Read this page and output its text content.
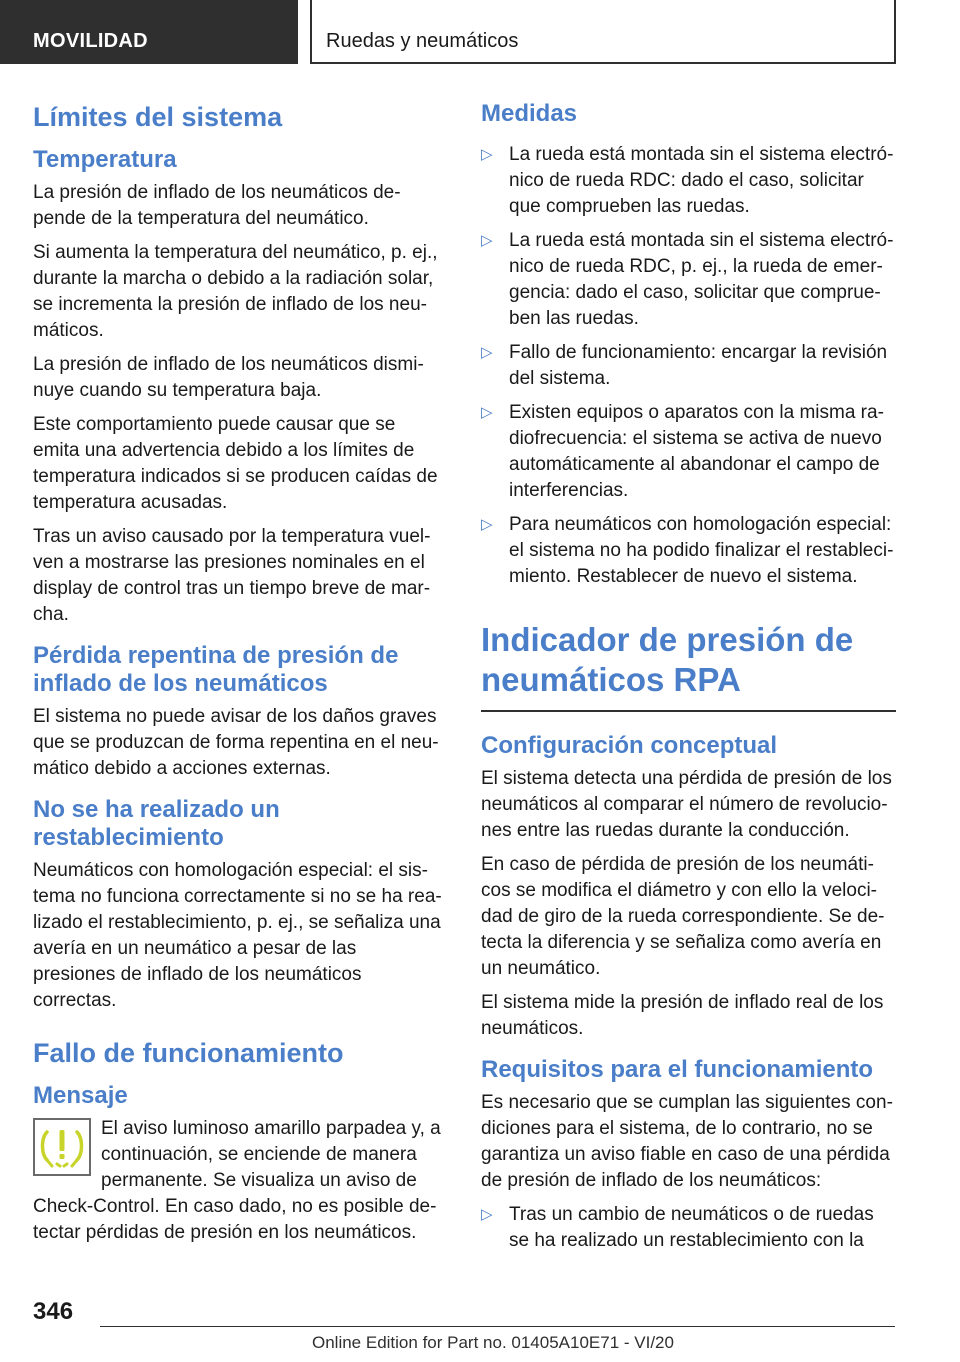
MOVILIDAD	Ruedas y neumáticos
Límites del sistema
Temperatura

La presión de inflado de los neumáticos de-pende de la temperatura del neumático.

Si aumenta la temperatura del neumático, p. ej., durante la marcha o debido a la radiación solar, se incrementa la presión de inflado de los neu-máticos.

La presión de inflado de los neumáticos dismi-nuye cuando su temperatura baja.

Este comportamiento puede causar que se emita una advertencia debido a los límites de temperatura indicados si se producen caídas de temperatura acusadas.

Tras un aviso causado por la temperatura vuel-ven a mostrarse las presiones nominales en el display de control tras un tiempo breve de mar-cha.

Pérdida repentina de presión de inflado de los neumáticos

El sistema no puede avisar de los daños graves que se produzcan de forma repentina en el neu-mático debido a acciones externas.

No se ha realizado un restablecimiento

Neumáticos con homologación especial: el sis-tema no funciona correctamente si no se ha rea-lizado el restablecimiento, p. ej., se señaliza una avería en un neumático a pesar de las presiones de inflado de los neumáticos correctas.

Fallo de funcionamiento
Mensaje

El aviso luminoso amarillo parpadea y, a continuación, se enciende de manera permanente. Se visualiza un aviso de Check-Control. En caso dado, no es posible de-tectar pérdidas de presión en los neumáticos.

Medidas
▷ La rueda está montada sin el sistema electró-nico de rueda RDC: dado el caso, solicitar que comprueben las ruedas.
▷ La rueda está montada sin el sistema electró-nico de rueda RDC, p. ej., la rueda de emer-gencia: dado el caso, solicitar que comprue-ben las ruedas.
▷ Fallo de funcionamiento: encargar la revisión del sistema.
▷ Existen equipos o aparatos con la misma ra-diofrecuencia: el sistema se activa de nuevo automáticamente al abandonar el campo de interferencias.
▷ Para neumáticos con homologación especial: el sistema no ha podido finalizar el restableci-miento. Restablecer de nuevo el sistema.
Indicador de presión de neumáticos RPA
Configuración conceptual

El sistema detecta una pérdida de presión de los neumáticos al comparar el número de revolucio-nes entre las ruedas durante la conducción.

En caso de pérdida de presión de los neumáti-cos se modifica el diámetro y con ello la veloci-dad de giro de la rueda correspondiente. Se de-tecta la diferencia y se señaliza como avería en un neumático.

El sistema mide la presión de inflado real de los neumáticos.

Requisitos para el funcionamiento

Es necesario que se cumplan las siguientes con-diciones para el sistema, de lo contrario, no se garantiza un aviso fiable en caso de una pérdida de presión de inflado de los neumáticos:

▷ Tras un cambio de neumáticos o de ruedas se ha realizado un restablecimiento con la
346
Online Edition for Part no. 01405A10E71 - VI/20
